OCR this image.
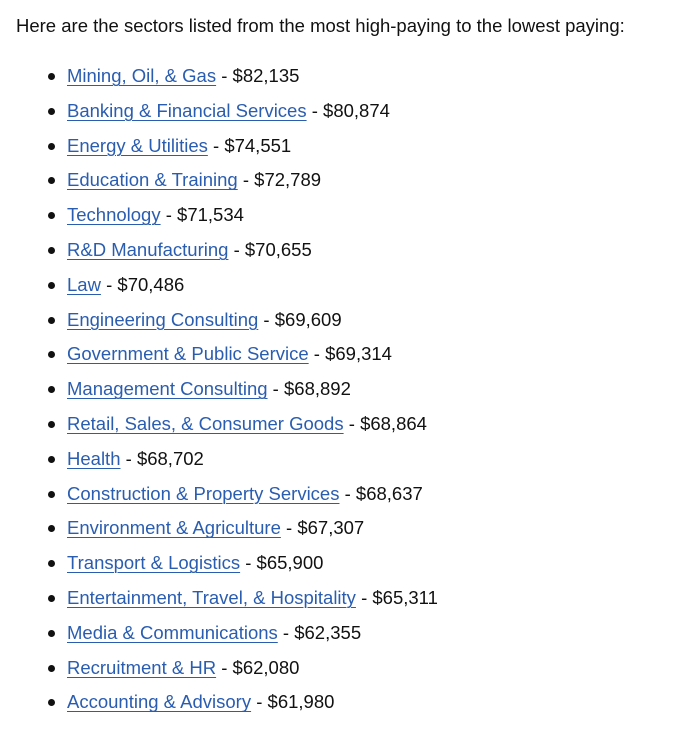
Here are the sectors listed from the most high-paying to the lowest paying:

Mining, Oil, & Gas - $82,135
Banking & Financial Services - $80,874
Energy & Utilities - $74,551
Education & Training - $72,789
Technology - $71,534
R&D Manufacturing - $70,655
Law - $70,486
Engineering Consulting - $69,609
Government & Public Service - $69,314
Management Consulting - $68,892
Retail, Sales, & Consumer Goods - $68,864
Health - $68,702
Construction & Property Services - $68,637
Environment & Agriculture - $67,307
Transport & Logistics - $65,900
Entertainment, Travel, & Hospitality - $65,311
Media & Communications - $62,355
Recruitment & HR - $62,080
Accounting & Advisory - $61,980
